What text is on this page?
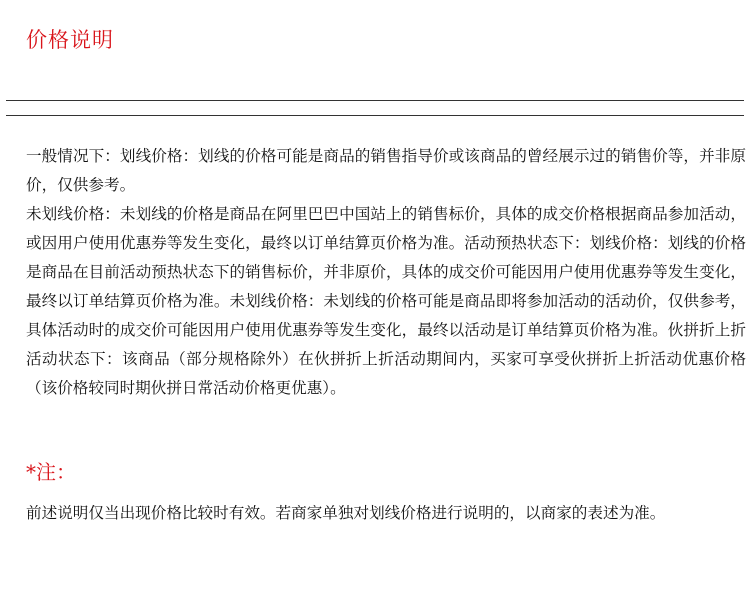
价格说明

一般情况下：划线价格：划线的价格可能是商品的销售指导价或该商品的曾经展示过的销售价等，并非原价，仅供参考。

未划线价格：未划线的价格是商品在阿里巴巴中国站上的销售标价，具体的成交价格根据商品参加活动，或因用户使用优惠券等发生变化，最终以订单结算页价格为准。活动预热状态下：划线价格：划线的价格是商品在目前活动预热状态下的销售标价，并非原价，具体的成交价可能因用户使用优惠券等发生变化，最终以订单结算页价格为准。未划线价格：未划线的价格可能是商品即将参加活动的活动价，仅供参考，具体活动时的成交价可能因用户使用优惠券等发生变化，最终以活动是订单结算页价格为准。伙拼折上折活动状态下：该商品（部分规格除外）在伙拼折上折活动期间内，买家可享受伙拼折上折活动优惠价格（该价格较同时期伙拼日常活动价格更优惠）。

*注：

前述说明仅当出现价格比较时有效。若商家单独对划线价格进行说明的，以商家的表述为准。
